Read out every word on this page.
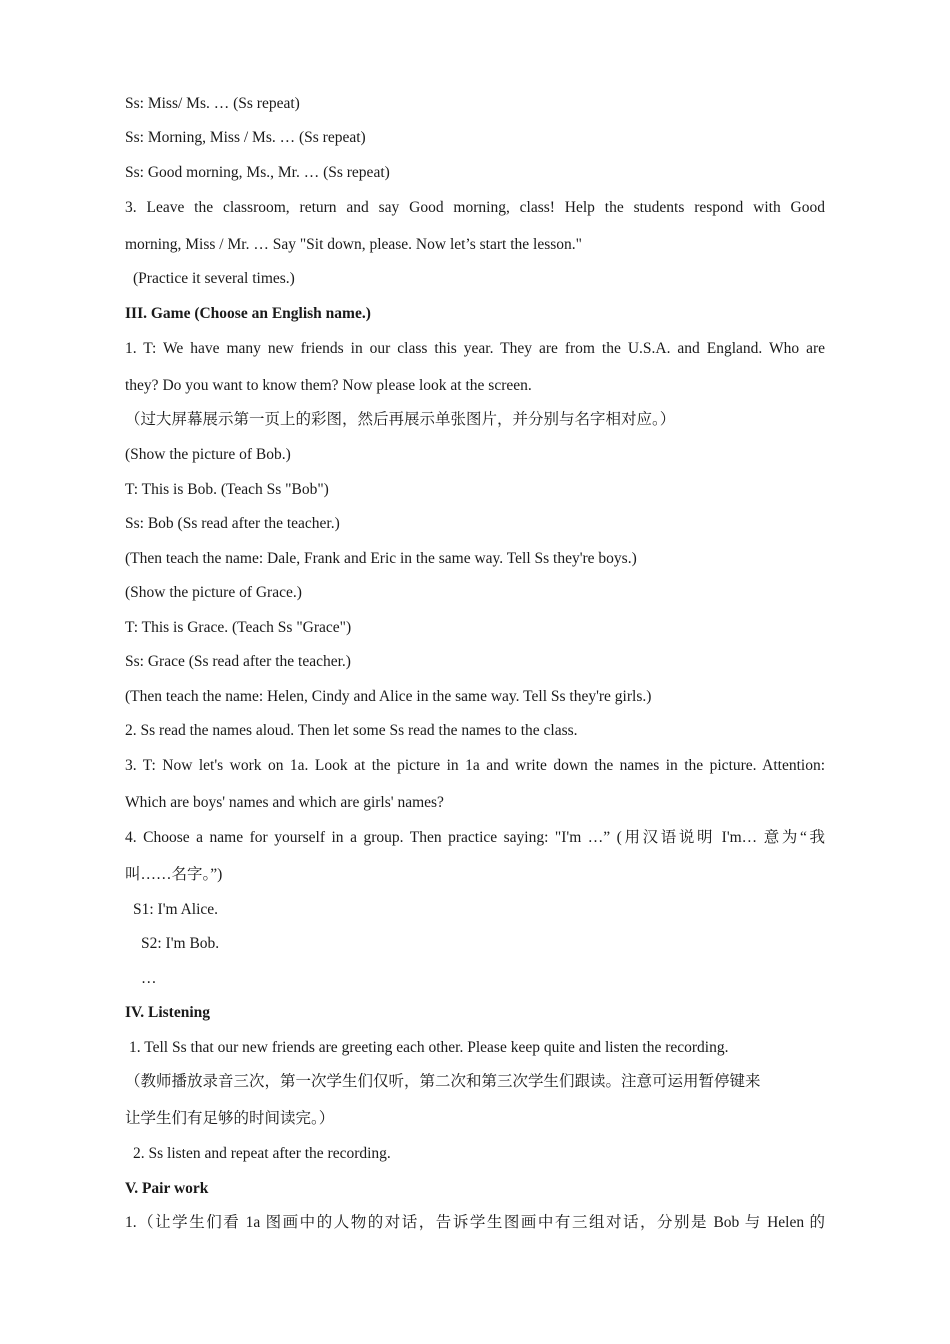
Ss: Miss/ Ms. … (Ss repeat)
Ss: Morning, Miss / Ms. … (Ss repeat)
Ss: Good morning, Ms., Mr. … (Ss repeat)
3. Leave the classroom, return and say Good morning, class! Help the students respond with Good
morning, Miss / Mr. … Say "Sit down, please. Now let’s start the lesson."
(Practice it several times.)
III. Game (Choose an English name.)
1. T: We have many new friends in our class this year. They are from the U.S.A. and England. Who are
they? Do you want to know them? Now please look at the screen.
（过大屏幕展示第一页上的彩图，然后再展示单张图片，并分别与名字相对应。）
(Show the picture of Bob.)
T: This is Bob. (Teach Ss "Bob")
Ss: Bob (Ss read after the teacher.)
(Then teach the name: Dale, Frank and Eric in the same way. Tell Ss they're boys.)
(Show the picture of Grace.)
T: This is Grace. (Teach Ss "Grace")
Ss: Grace (Ss read after the teacher.)
(Then teach the name: Helen, Cindy and Alice in the same way. Tell Ss they're girls.)
2. Ss read the names aloud. Then let some Ss read the names to the class.
3. T: Now let's work on 1a. Look at the picture in 1a and write down the names in the picture. Attention:
Which are boys' names and which are girls' names?
4. Choose a name for yourself in a group. Then practice saying: "I'm …” (用汉语说明 I'm… 意为“我
叫……名字。”)
S1: I'm Alice.
S2: I'm Bob.
…
IV. Listening
1. Tell Ss that our new friends are greeting each other. Please keep quite and listen the recording.
（教师播放录音三次，第一次学生们仅听，第二次和第三次学生们跟读。注意可运用暂停键来
让学生们有足够的时间读完。）
2. Ss listen and repeat after the recording.
V. Pair work
1.（让学生们看 1a 图画中的人物的对话，告诉学生图画中有三组对话，分别是 Bob 与 Helen 的
